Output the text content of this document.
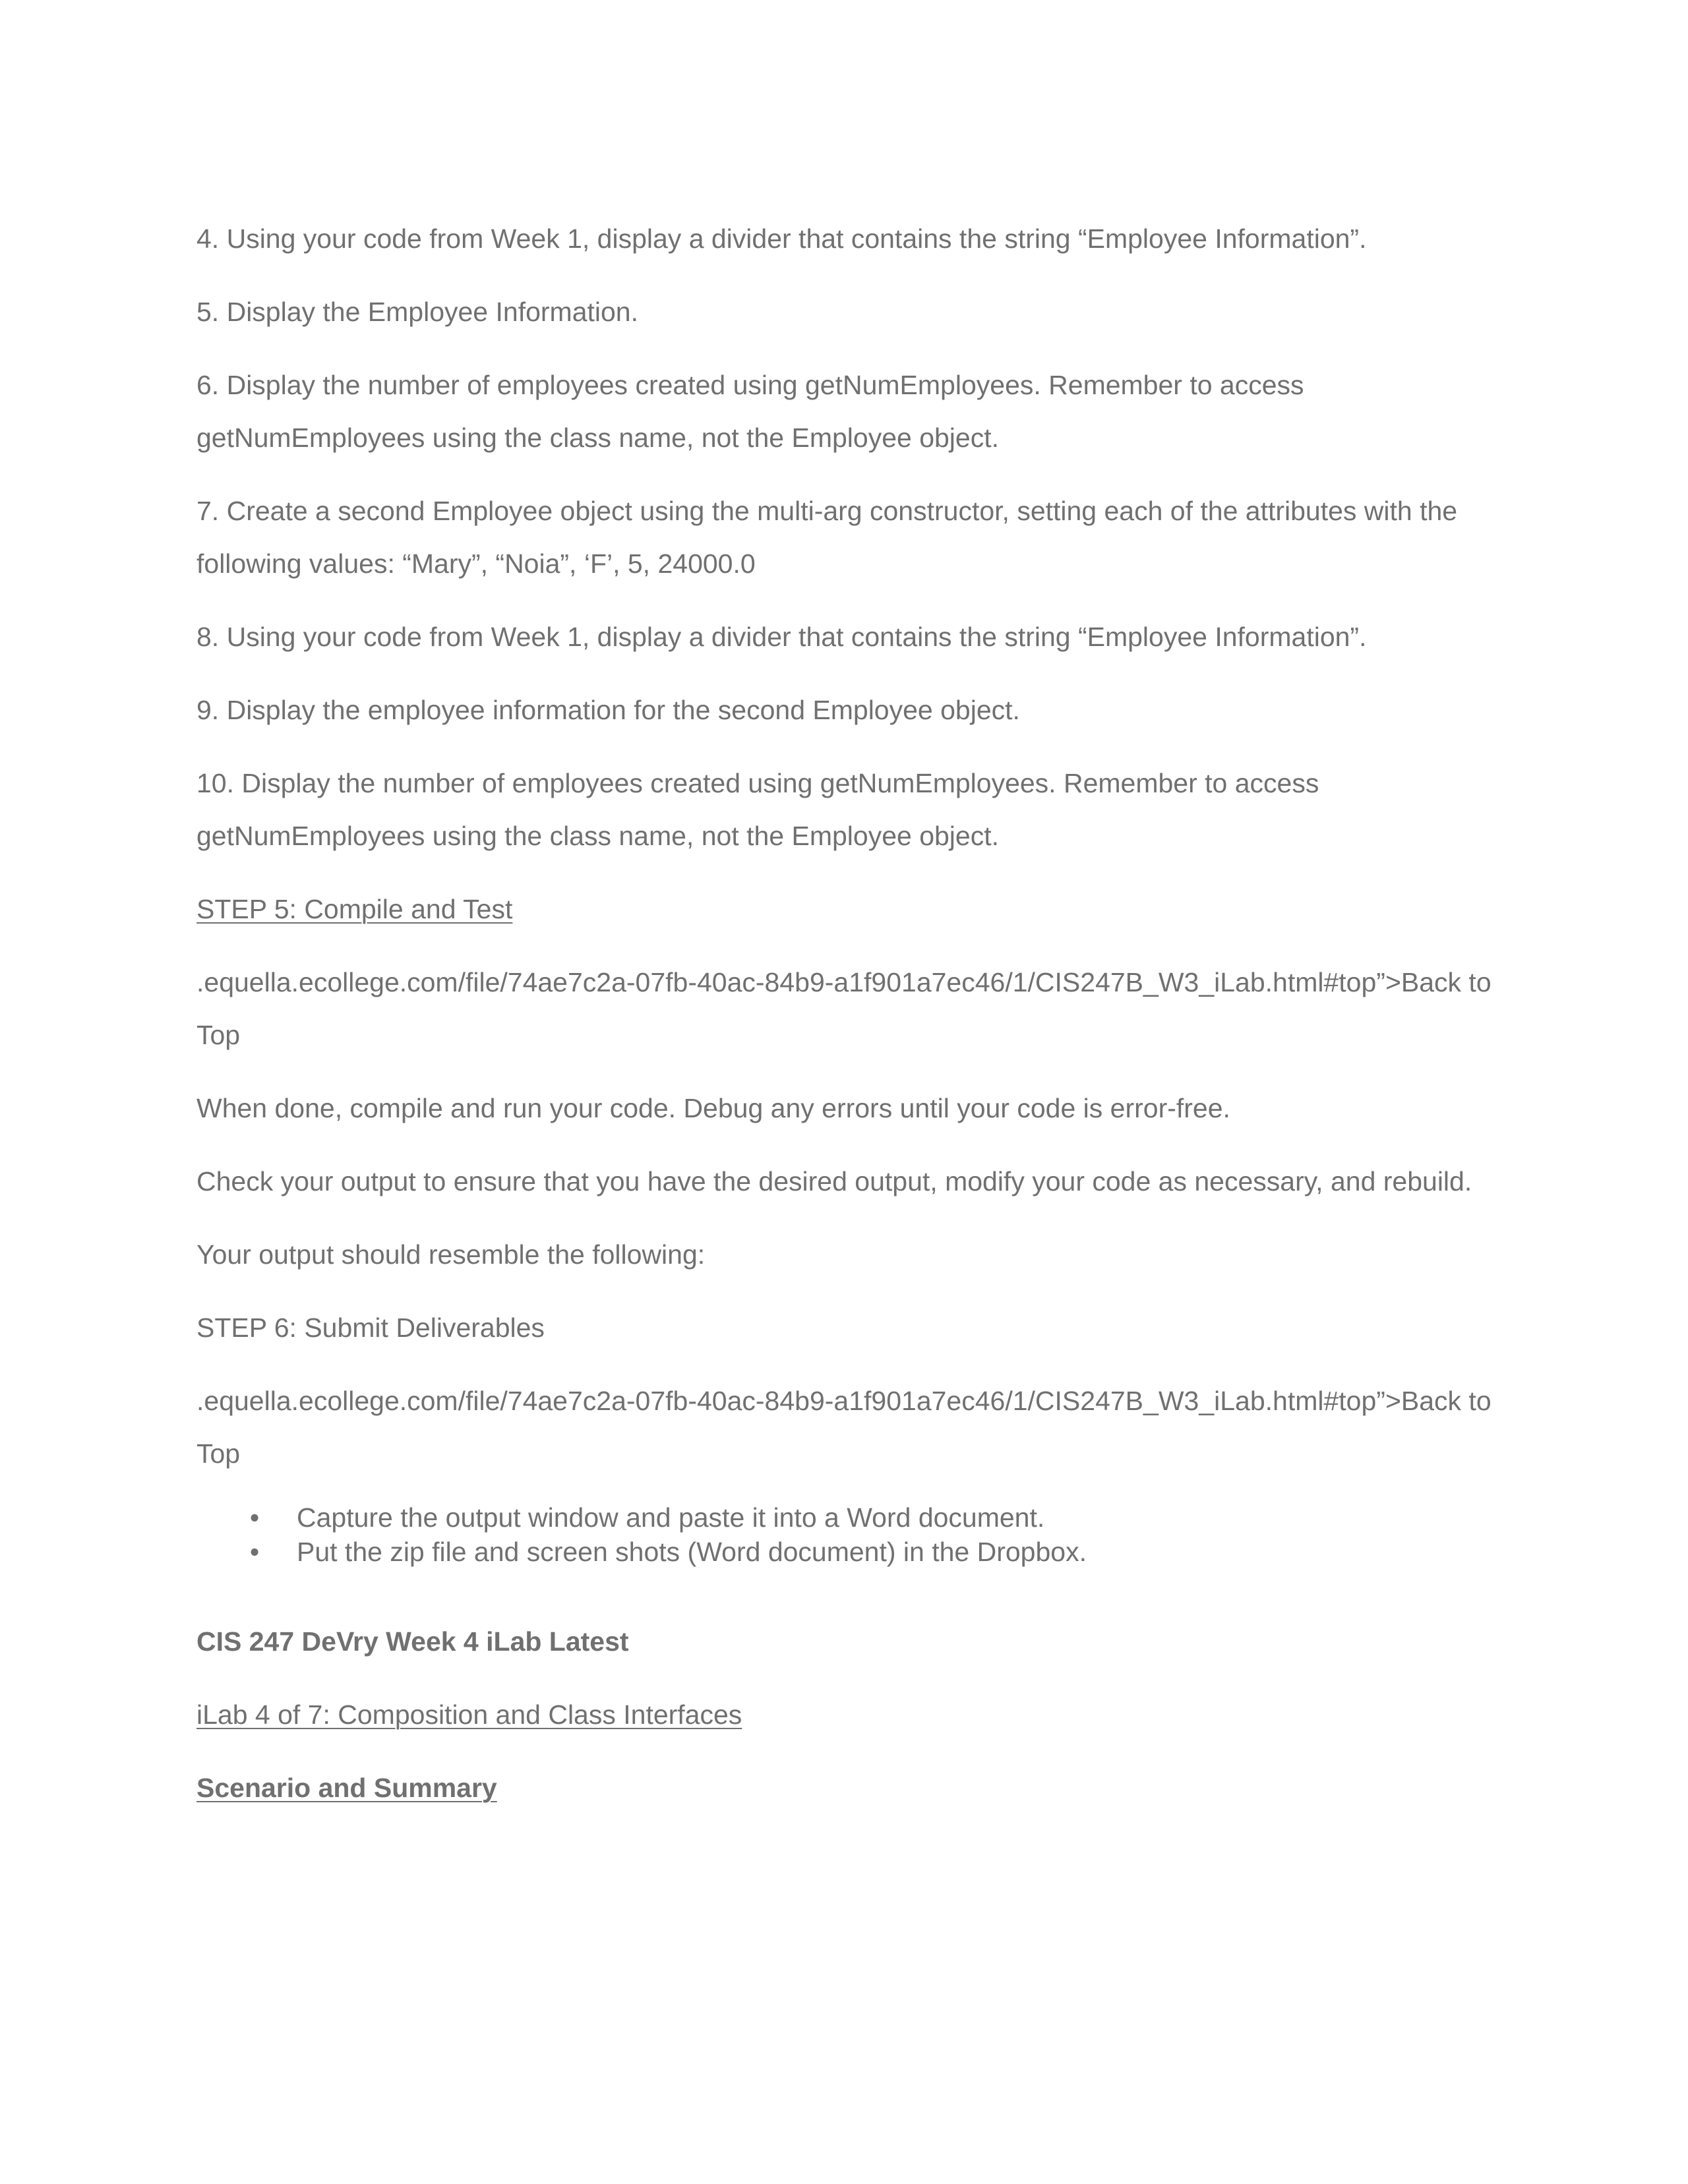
4. Using your code from Week 1, display a divider that contains the string “Employee Information”.

5. Display the Employee Information.

6. Display the number of employees created using getNumEmployees. Remember to access getNumEmployees using the class name, not the Employee object.

7. Create a second Employee object using the multi-arg constructor, setting each of the attributes with the following values: “Mary”, “Noia”, ‘F’, 5, 24000.0

8. Using your code from Week 1, display a divider that contains the string “Employee Information”.

9. Display the employee information for the second Employee object.

10. Display the number of employees created using getNumEmployees. Remember to access getNumEmployees using the class name, not the Employee object.

STEP 5: Compile and Test

.equella.ecollege.com/file/74ae7c2a-07fb-40ac-84b9-a1f901a7ec46/1/CIS247B_W3_iLab.html#top”>Back to Top

When done, compile and run your code. Debug any errors until your code is error-free.

Check your output to ensure that you have the desired output, modify your code as necessary, and rebuild.

Your output should resemble the following:

STEP 6: Submit Deliverables

.equella.ecollege.com/file/74ae7c2a-07fb-40ac-84b9-a1f901a7ec46/1/CIS247B_W3_iLab.html#top”>Back to Top

• Capture the output window and paste it into a Word document.
• Put the zip file and screen shots (Word document) in the Dropbox.

CIS 247 DeVry Week 4 iLab Latest

iLab 4 of 7: Composition and Class Interfaces

Scenario and Summary
